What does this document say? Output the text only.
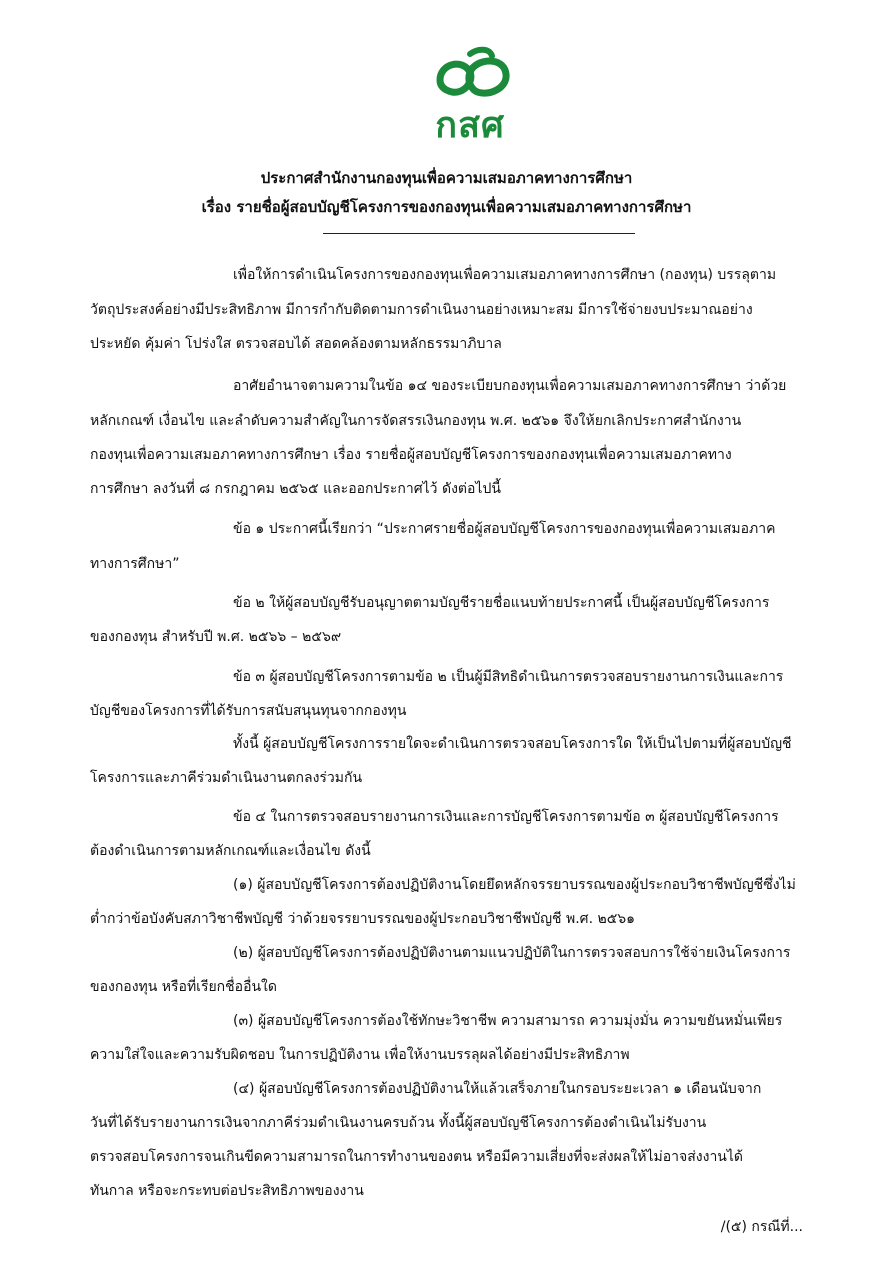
กสศ
ประกาศสำนักงานกองทุนเพื่อความเสมอภาคทางการศึกษา
เรื่อง รายชื่อผู้สอบบัญชีโครงการของกองทุนเพื่อความเสมอภาคทางการศึกษา
เพื่อให้การดำเนินโครงการของกองทุนเพื่อความเสมอภาคทางการศึกษา (กองทุน) บรรลุตาม
วัตถุประสงค์อย่างมีประสิทธิภาพ มีการกำกับติดตามการดำเนินงานอย่างเหมาะสม มีการใช้จ่ายงบประมาณอย่าง
ประหยัด คุ้มค่า โปร่งใส ตรวจสอบได้ สอดคล้องตามหลักธรรมาภิบาล
อาศัยอำนาจตามความในข้อ ๑๔ ของระเบียบกองทุนเพื่อความเสมอภาคทางการศึกษา ว่าด้วย
หลักเกณฑ์ เงื่อนไข และลำดับความสำคัญในการจัดสรรเงินกองทุน พ.ศ. ๒๕๖๑ จึงให้ยกเลิกประกาศสำนักงาน
กองทุนเพื่อความเสมอภาคทางการศึกษา เรื่อง รายชื่อผู้สอบบัญชีโครงการของกองทุนเพื่อความเสมอภาคทาง
การศึกษา ลงวันที่ ๘ กรกฎาคม ๒๕๖๕ และออกประกาศไว้ ดังต่อไปนี้
ข้อ ๑ ประกาศนี้เรียกว่า “ประกาศรายชื่อผู้สอบบัญชีโครงการของกองทุนเพื่อความเสมอภาค
ทางการศึกษา”
ข้อ ๒ ให้ผู้สอบบัญชีรับอนุญาตตามบัญชีรายชื่อแนบท้ายประกาศนี้ เป็นผู้สอบบัญชีโครงการ
ของกองทุน สำหรับปี พ.ศ. ๒๕๖๖ – ๒๕๖๙
ข้อ ๓ ผู้สอบบัญชีโครงการตามข้อ ๒ เป็นผู้มีสิทธิดำเนินการตรวจสอบรายงานการเงินและการ
บัญชีของโครงการที่ได้รับการสนับสนุนทุนจากกองทุน
ทั้งนี้ ผู้สอบบัญชีโครงการรายใดจะดำเนินการตรวจสอบโครงการใด ให้เป็นไปตามที่ผู้สอบบัญชี
โครงการและภาคีร่วมดำเนินงานตกลงร่วมกัน
ข้อ ๔ ในการตรวจสอบรายงานการเงินและการบัญชีโครงการตามข้อ ๓ ผู้สอบบัญชีโครงการ
ต้องดำเนินการตามหลักเกณฑ์และเงื่อนไข ดังนี้
(๑) ผู้สอบบัญชีโครงการต้องปฏิบัติงานโดยยึดหลักจรรยาบรรณของผู้ประกอบวิชาชีพบัญชีซึ่งไม่
ต่ำกว่าข้อบังคับสภาวิชาชีพบัญชี ว่าด้วยจรรยาบรรณของผู้ประกอบวิชาชีพบัญชี พ.ศ. ๒๕๖๑
(๒) ผู้สอบบัญชีโครงการต้องปฏิบัติงานตามแนวปฏิบัติในการตรวจสอบการใช้จ่ายเงินโครงการ
ของกองทุน หรือที่เรียกชื่ออื่นใด
(๓) ผู้สอบบัญชีโครงการต้องใช้ทักษะวิชาชีพ ความสามารถ ความมุ่งมั่น ความขยันหมั่นเพียร
ความใส่ใจและความรับผิดชอบ ในการปฏิบัติงาน เพื่อให้งานบรรลุผลได้อย่างมีประสิทธิภาพ
(๔) ผู้สอบบัญชีโครงการต้องปฏิบัติงานให้แล้วเสร็จภายในกรอบระยะเวลา ๑ เดือนนับจาก
วันที่ได้รับรายงานการเงินจากภาคีร่วมดำเนินงานครบถ้วน ทั้งนี้ผู้สอบบัญชีโครงการต้องดำเนินไม่รับงาน
ตรวจสอบโครงการจนเกินขีดความสามารถในการทำงานของตน หรือมีความเสี่ยงที่จะส่งผลให้ไม่อาจส่งงานได้
ทันกาล หรือจะกระทบต่อประสิทธิภาพของงาน
/(๕) กรณีที่...
